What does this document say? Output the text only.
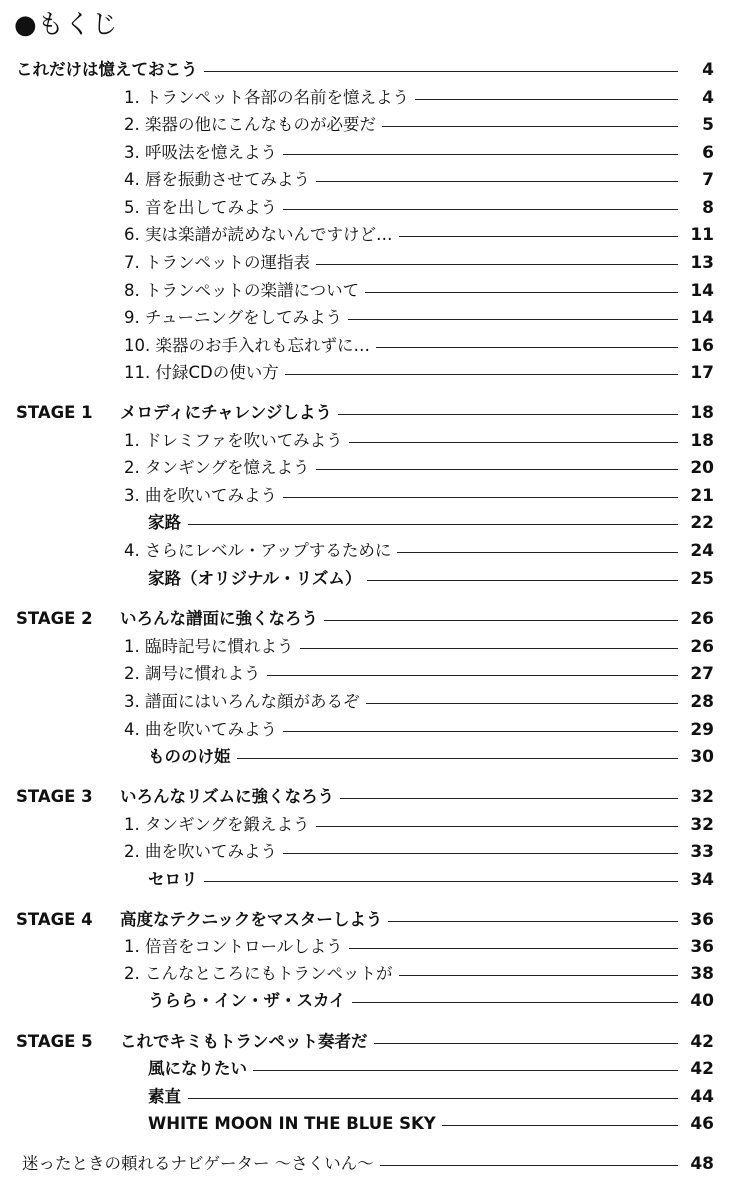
●もくじ
これだけは憶えておこう	4
1. トランペット各部の名前を憶えよう	4
2. 楽器の他にこんなものが必要だ	5
3. 呼吸法を憶えよう	6
4. 唇を振動させてみよう	7
5. 音を出してみよう	8
6. 実は楽譜が読めないんですけど…	11
7. トランペットの運指表	13
8. トランペットの楽譜について	14
9. チューニングをしてみよう	14
10. 楽器のお手入れも忘れずに…	16
11. 付録CDの使い方	17
STAGE 1 メロディにチャレンジしよう	18
1. ドレミファを吹いてみよう	18
2. タンギングを憶えよう	20
3. 曲を吹いてみよう	21
家路	22
4. さらにレベル・アップするために	24
家路（オリジナル・リズム）	25
STAGE 2 いろんな譜面に強くなろう	26
1. 臨時記号に慣れよう	26
2. 調号に慣れよう	27
3. 譜面にはいろんな顔があるぞ	28
4. 曲を吹いてみよう	29
もののけ姫	30
STAGE 3 いろんなリズムに強くなろう	32
1. タンギングを鍛えよう	32
2. 曲を吹いてみよう	33
セロリ	34
STAGE 4 高度なテクニックをマスターしよう	36
1. 倍音をコントロールしよう	36
2. こんなところにもトランペットが	38
うらら・イン・ザ・スカイ	40
STAGE 5 これでキミもトランペット奏者だ	42
風になりたい	42
素直	44
WHITE MOON IN THE BLUE SKY	46
迷ったときの頼れるナビゲーター ～さくいん～	48
